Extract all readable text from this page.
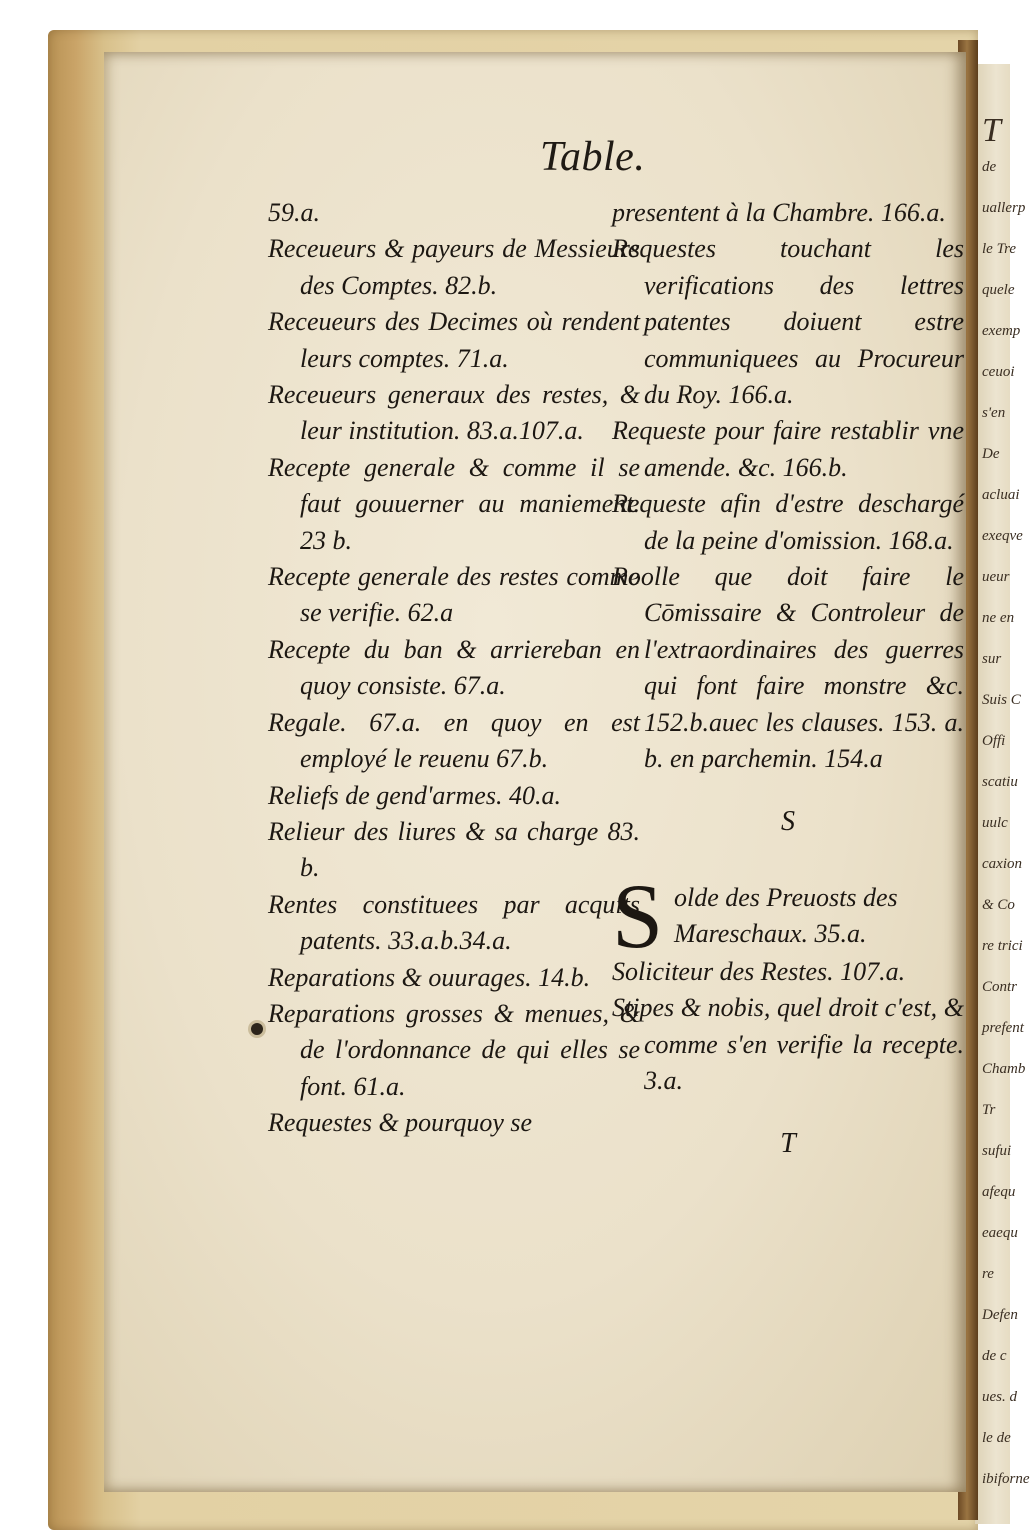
Table.
59.a.
Receueurs & payeurs de Messieurs des Comptes. 82.b.
Receueurs des Decimes où rendent leurs comptes. 71.a.
Receueurs generaux des restes, & leur institution. 83.a.107.a.
Recepte generale & comme il se faut gouuerner au maniement. 23 b.
Recepte generale des restes comme se verifie. 62.a
Recepte du ban & arriereban en quoy consiste. 67.a.
Regale. 67.a. en quoy en est employé le reuenu 67.b.
Reliefs de gend'armes. 40.a.
Relieur des liures & sa charge 83. b.
Rentes constituees par acquits patents. 33.a.b.34.a.
Reparations & ouurages. 14.b.
Reparations grosses & menues, & de l'ordonnance de qui elles se font. 61.a.
Requestes & pourquoy se
presentent à la Chambre. 166.a.
Requestes touchant les verifications des lettres patentes doiuent estre communiquees au Procureur du Roy. 166.a.
Requeste pour faire restablir vne amende. &c. 166.b.
Requeste afin d'estre deschargé de la peine d'omission. 168.a.
Roolle que doit faire le Cōmissaire & Controleur de l'extraordinaires des guerres qui font faire monstre &c. 152.b.auec les clauses. 153. a. b. en parchemin. 154.a
S
S olde des Preuosts des Mareschaux. 35.a.
Soliciteur des Restes. 107.a.
Stipes & nobis, quel droit c'est, & comme s'en verifie la recepte. 3.a.
T
T
de
uallerp
le Tre
quele
exemp
ceuoi
s'en
De
acluai
exeqve
ueur
ne en
sur
Suis C
Offi
scatiu
uulc
caxion
& Co
re trici
Contr
prefent
Chamb
Tr
sufui
afequ
eaequ
re
Defen
de c
ues. d
le de
ibiforne
